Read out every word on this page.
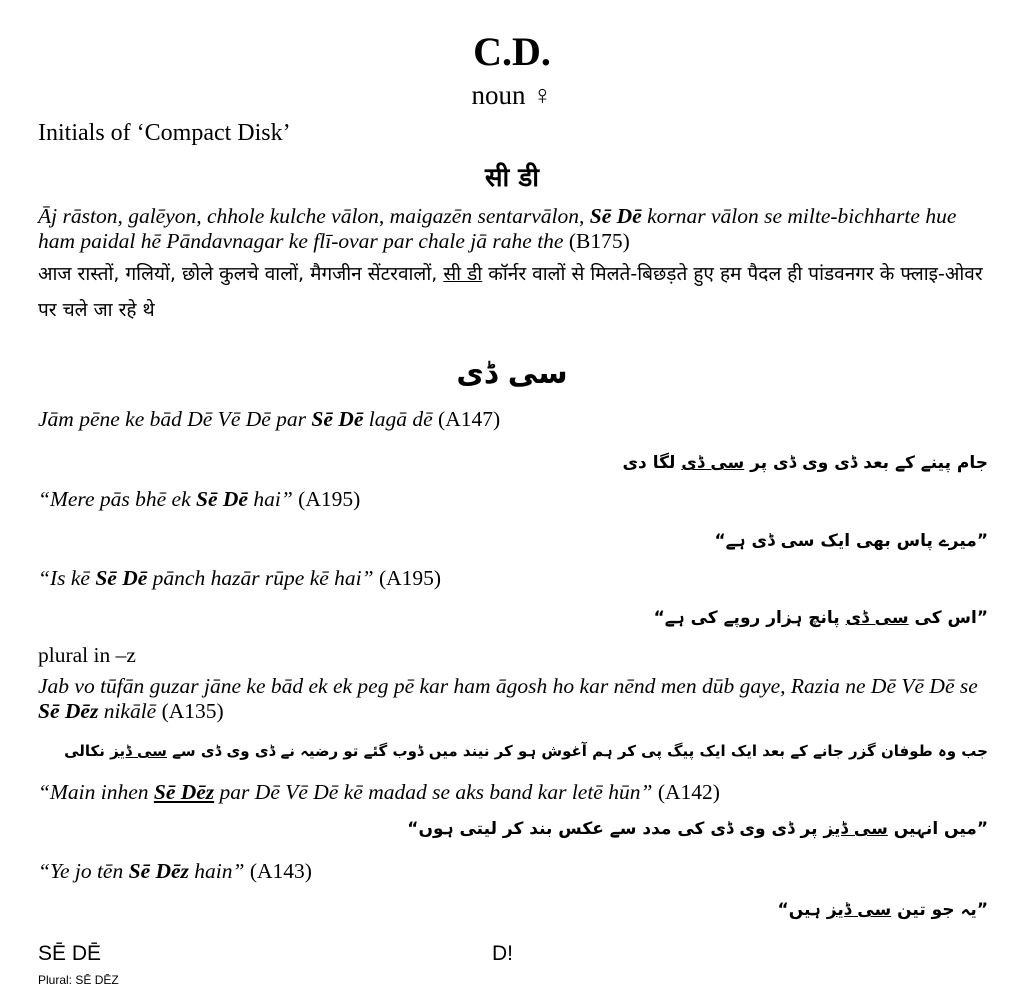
C.D.
noun ♀
Initials of ‘Compact Disk’
सी डी
Āj rāston, galēyon, chhole kulche vālon, maigazēn sentarvālon, Sē Dē kornar vālon se milte-bichharte hue ham paidal hē Pāndavnagar ke flī-ovar par chale jā rahe the (B175)
आज रास्तों, गलियों, छोले कुलचे वालों, मैगजीन सेंटरवालों, सी डी कॉर्नर वालों से मिलते-बिछड़ते हुए हम पैदल ही पांडवनगर के फ्लाइ-ओवर पर चले जा रहे थे
سی ڈی
Jām pēne ke bād Dē Vē Dē par Sē Dē lagā dē (A147)
جام پینے کے بعد ڈی وی ڈی پر سی ڈی لگا دی
“Mere pās bhē ek Sē Dē hai” (A195)
”میرے پاس بھی ایک سی ڈی ہے“
“Is kē Sē Dē pānch hazār rūpe kē hai” (A195)
”اس کی سی ڈی پانچ ہزار روپے کی ہے“
plural in –z
Jab vo tūfān guzar jāne ke bād ek ek peg pē kar ham āgosh ho kar nēnd men dūb gaye, Razia ne Dē Vē Dē se Sē Dēz nikālē (A135)
جب وہ طوفان گزر جانے کے بعد ایک ایک پیگ پی کر ہم آغوش ہو کر نیند میں ڈوب گئے تو رضیہ نے ڈی وی ڈی سے سی ڈیز نکالی
“Main inhen Sē Dēz par Dē Vē Dē kē madad se aks band kar letē hūn” (A142)
”میں انہیں سی ڈیز پر ڈی وی ڈی کی مدد سے عکس بند کر لیتی ہوں“
“Ye jo tēn Sē Dēz hain” (A143)
”یہ جو تین سی ڈیز ہیں“
SĒ DĒ	D!
Plural: SĒ DĒZ
